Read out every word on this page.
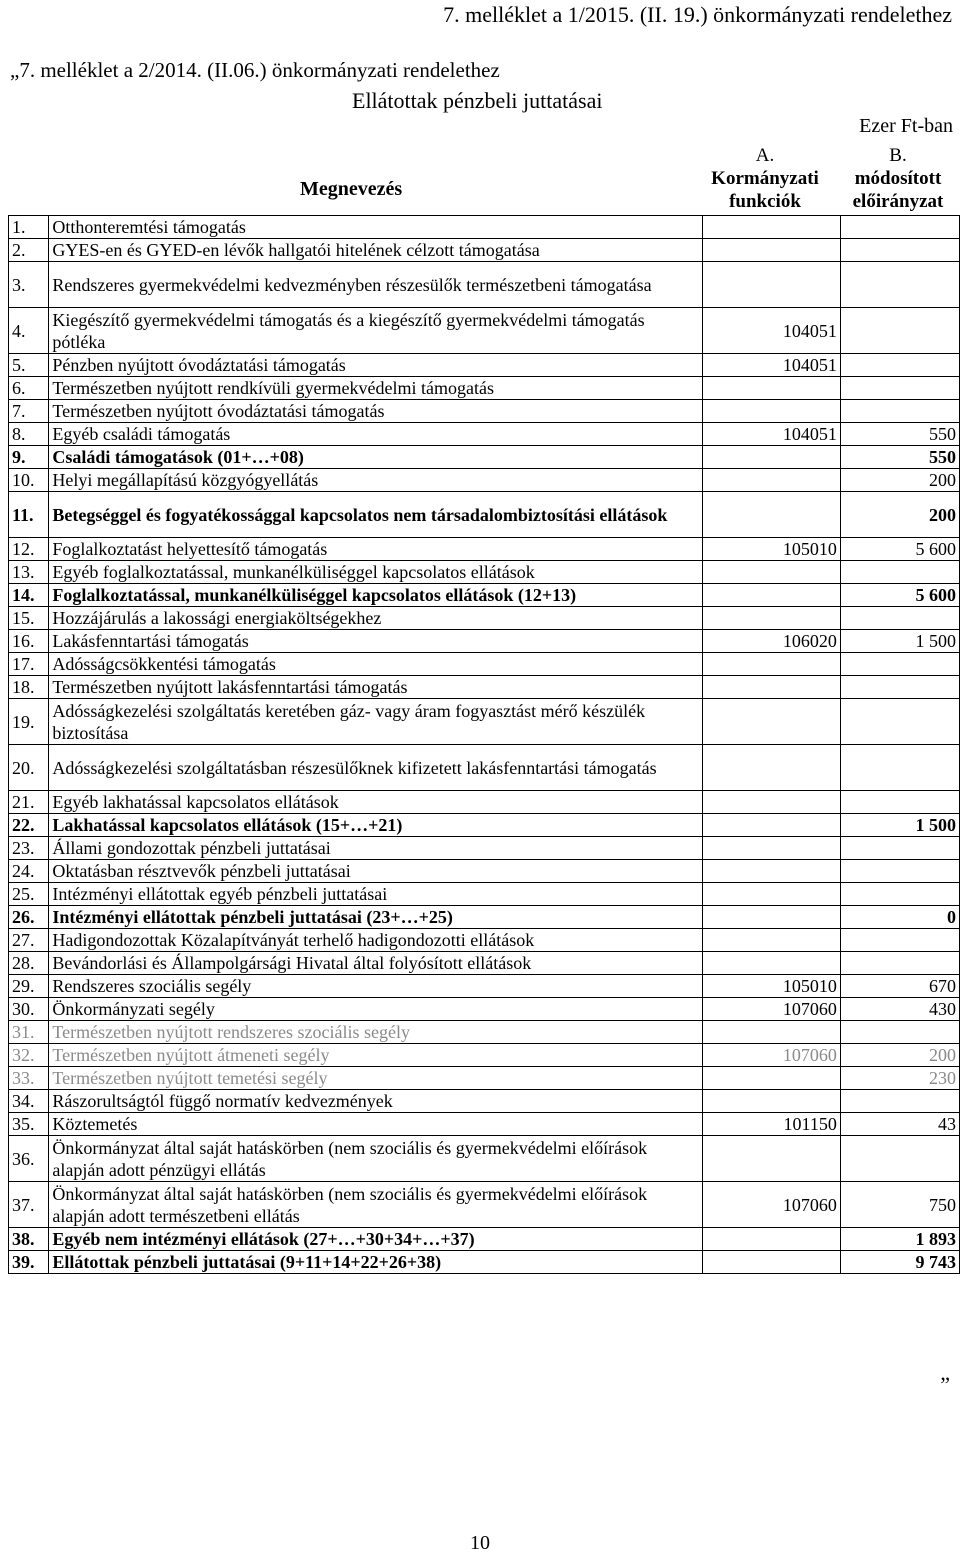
7. melléklet a 1/2015. (II. 19.) önkormányzati rendelethez
„7. melléklet a 2/2014. (II.06.) önkormányzati rendelethez
Ellátottak pénzbeli juttatásai
Ezer Ft-ban
Megnevezés
A.
Kormányzati
funkciók
B.
módosított
előirányzat
1.	Otthonteremtési támogatás		
2.	GYES-en és GYED-en lévők hallgatói hitelének célzott támogatása		
3.	Rendszeres gyermekvédelmi kedvezményben részesülők természetbeni támogatása		
4.	Kiegészítő gyermekvédelmi támogatás és a kiegészítő gyermekvédelmi támogatás pótléka	104051	
5.	Pénzben nyújtott óvodáztatási támogatás	104051	
6.	Természetben nyújtott rendkívüli gyermekvédelmi támogatás		
7.	Természetben nyújtott óvodáztatási támogatás		
8.	Egyéb családi támogatás	104051	550
9.	Családi támogatások (01+…+08)		550
10.	Helyi megállapítású közgyógyellátás		200
11.	Betegséggel és fogyatékossággal kapcsolatos nem társadalombiztosítási ellátások		200
12.	Foglalkoztatást helyettesítő támogatás	105010	5 600
13.	Egyéb foglalkoztatással, munkanélküliséggel kapcsolatos ellátások		
14.	Foglalkoztatással, munkanélküliséggel kapcsolatos ellátások (12+13)		5 600
15.	Hozzájárulás a lakossági energiaköltségekhez		
16.	Lakásfenntartási támogatás	106020	1 500
17.	Adósságcsökkentési támogatás		
18.	Természetben nyújtott lakásfenntartási támogatás		
19.	Adósságkezelési szolgáltatás keretében gáz- vagy áram fogyasztást mérő készülék biztosítása		
20.	Adósságkezelési szolgáltatásban részesülőknek kifizetett lakásfenntartási támogatás		
21.	Egyéb lakhatással kapcsolatos ellátások		
22.	Lakhatással kapcsolatos ellátások (15+…+21)		1 500
23.	Állami gondozottak pénzbeli juttatásai		
24.	Oktatásban résztvevők pénzbeli juttatásai		
25.	Intézményi ellátottak egyéb pénzbeli juttatásai		
26.	Intézményi ellátottak pénzbeli juttatásai (23+…+25)		0
27.	Hadigondozottak Közalapítványát terhelő hadigondozotti ellátások		
28.	Bevándorlási és Állampolgársági Hivatal által folyósított ellátások		
29.	Rendszeres szociális segély	105010	670
30.	Önkormányzati segély	107060	430
31.	Természetben nyújtott rendszeres szociális segély		
32.	Természetben nyújtott átmeneti segély	107060	200
33.	Természetben nyújtott temetési segély		230
34.	Rászorultságtól függő normatív kedvezmények		
35.	Köztemetés	101150	43
36.	Önkormányzat által saját hatáskörben (nem szociális és gyermekvédelmi előírások alapján adott pénzügyi ellátás		
37.	Önkormányzat által saját hatáskörben (nem szociális és gyermekvédelmi előírások alapján adott természetbeni ellátás	107060	750
38.	Egyéb nem intézményi ellátások (27+…+30+34+…+37)		1 893
39.	Ellátottak pénzbeli juttatásai (9+11+14+22+26+38)		9 743
”
10
